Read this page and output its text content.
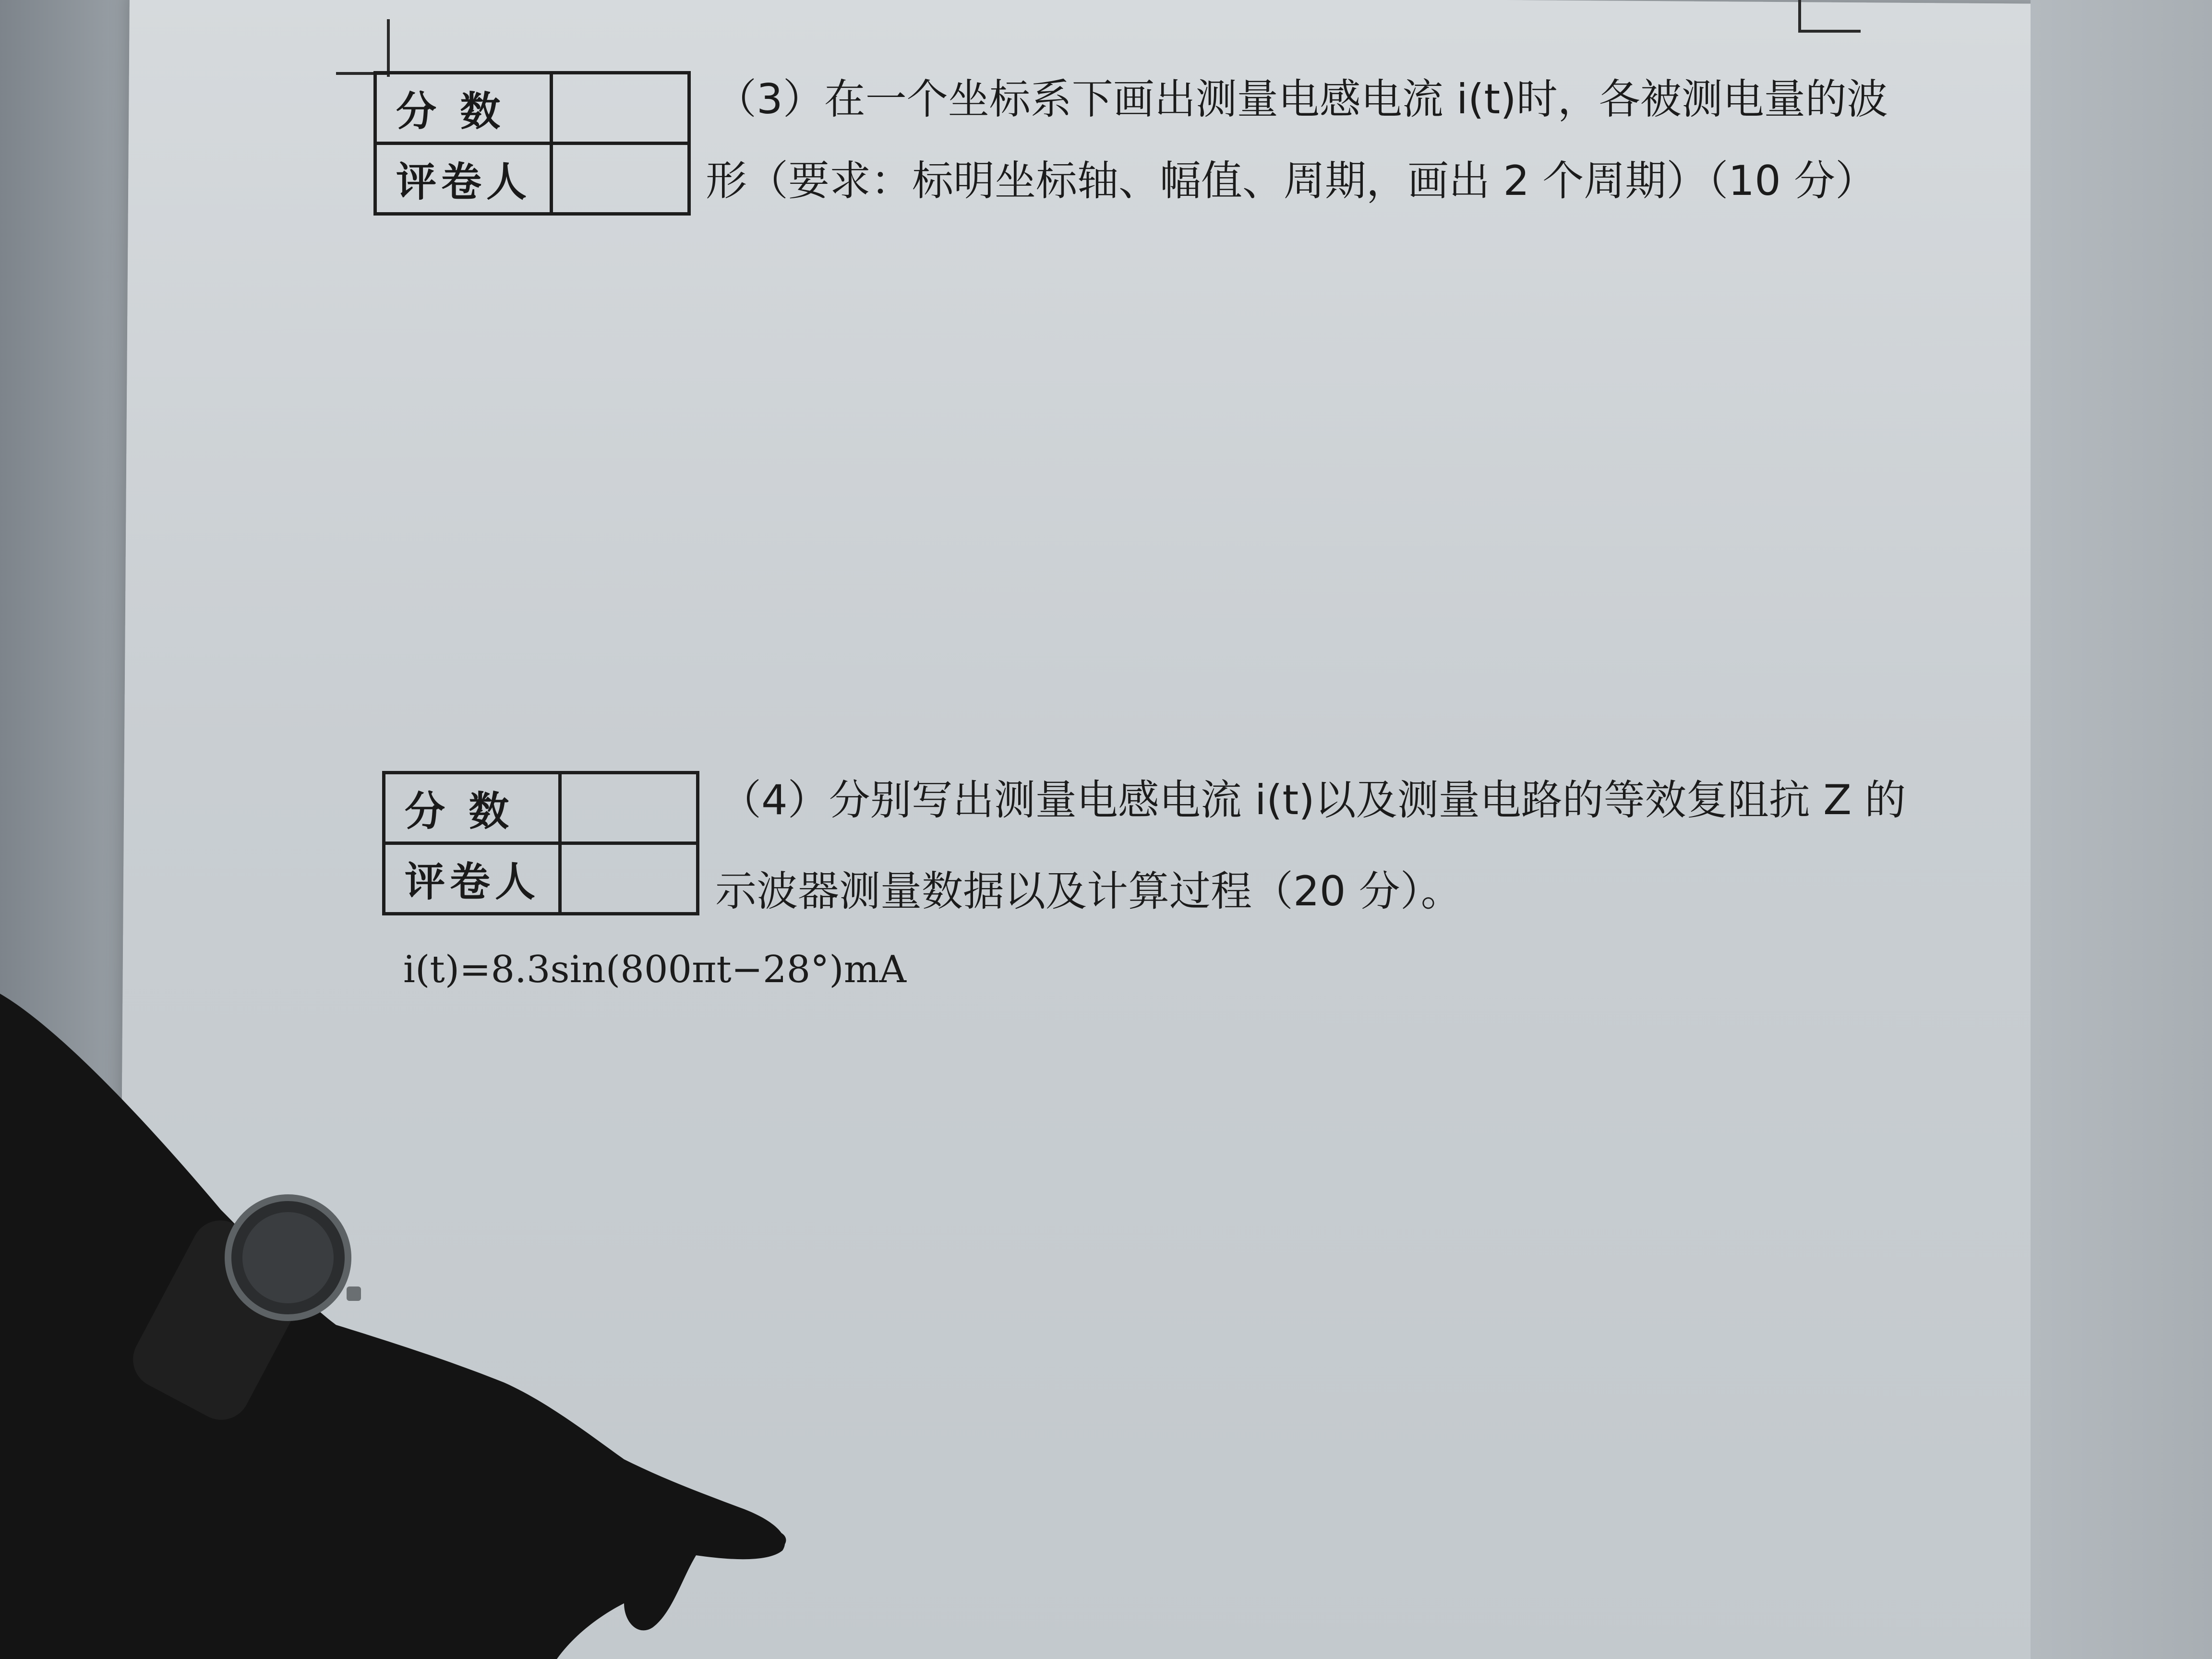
分 数	
评卷人	
（3）在一个坐标系下画出测量电感电流 i(t)时，各被测电量的波
形（要求：标明坐标轴、幅值、周期，画出 2 个周期）（10 分）
分 数	
评卷人	
（4）分别写出测量电感电流 i(t)以及测量电路的等效复阻抗 Z 的
示波器测量数据以及计算过程（20 分）。
i(t)=8.3sin(800πt−28°)mA
